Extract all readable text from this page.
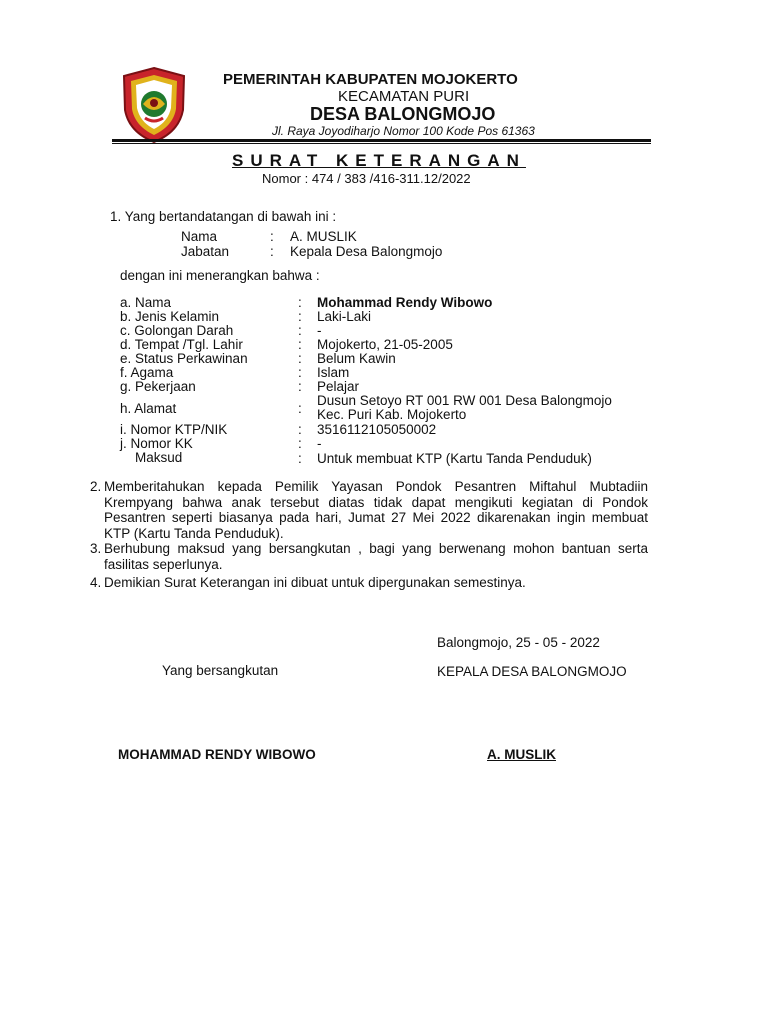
PEMERINTAH KABUPATEN MOJOKERTO
KECAMATAN PURI
DESA BALONGMOJO
Jl. Raya Joyodiharjo Nomor 100 Kode Pos 61363
SURAT KETERANGAN
Nomor : 474 / 383 /416-311.12/2022
1. Yang bertandatangan di bawah ini :
Nama	: A. MUSLIK
Jabatan	: Kepala Desa Balongmojo
dengan ini menerangkan bahwa :
a. Nama	: Mohammad Rendy Wibowo
b. Jenis Kelamin	: Laki-Laki
c. Golongan Darah	: -
d. Tempat /Tgl. Lahir	: Mojokerto, 21-05-2005
e. Status Perkawinan	: Belum Kawin
f. Agama	: Islam
g. Pekerjaan	: Pelajar
h. Alamat	:
Dusun Setoyo RT 001 RW 001 Desa Balongmojo
Kec. Puri Kab. Mojokerto
i. Nomor KTP/NIK	: 3516112105050002
j. Nomor KK	: -
Maksud	: Untuk membuat KTP (Kartu Tanda Penduduk)
2. Memberitahukan kepada Pemilik Yayasan Pondok Pesantren Miftahul Mubtadiin Krempyang bahwa anak tersebut diatas tidak dapat mengikuti kegiatan di Pondok Pesantren seperti biasanya pada hari, Jumat 27 Mei 2022 dikarenakan ingin membuat KTP (Kartu Tanda Penduduk).
3. Berhubung maksud yang bersangkutan , bagi yang berwenang mohon bantuan serta fasilitas seperlunya.
4. Demikian Surat Keterangan ini dibuat untuk dipergunakan semestinya.
Balongmojo, 25 - 05 - 2022
Yang bersangkutan	KEPALA DESA BALONGMOJO
MOHAMMAD RENDY WIBOWO	A. MUSLIK
